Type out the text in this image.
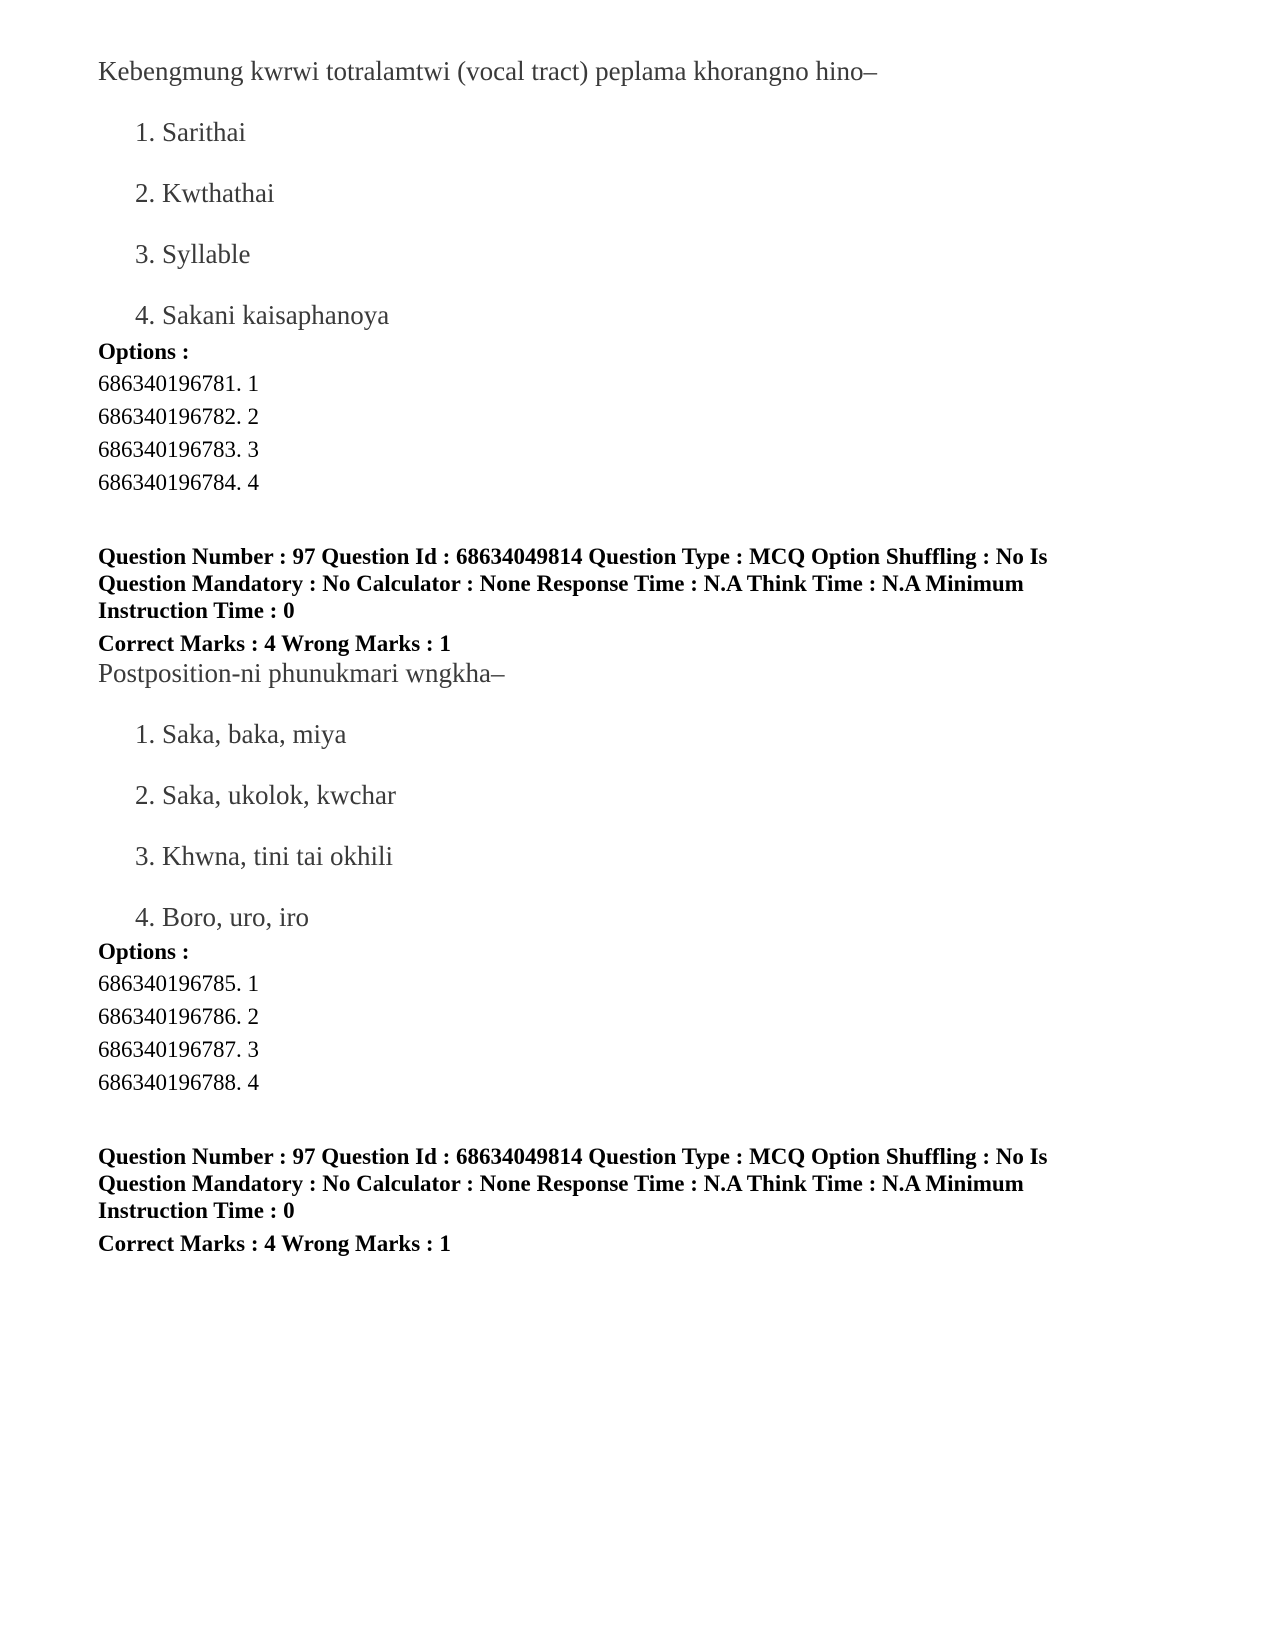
Kebengmung kwrwi totralamtwi (vocal tract) peplama khorangno hino–
1. Sarithai
2. Kwthathai
3. Syllable
4. Sakani kaisaphanoya
Options :
686340196781. 1
686340196782. 2
686340196783. 3
686340196784. 4
Question Number : 97 Question Id : 68634049814 Question Type : MCQ Option Shuffling : No Is
Question Mandatory : No Calculator : None Response Time : N.A Think Time : N.A Minimum
Instruction Time : 0
Correct Marks : 4 Wrong Marks : 1
Postposition-ni phunukmari wngkha–
1. Saka, baka, miya
2. Saka, ukolok, kwchar
3. Khwna, tini tai okhili
4. Boro, uro, iro
Options :
686340196785. 1
686340196786. 2
686340196787. 3
686340196788. 4
Question Number : 97 Question Id : 68634049814 Question Type : MCQ Option Shuffling : No Is
Question Mandatory : No Calculator : None Response Time : N.A Think Time : N.A Minimum
Instruction Time : 0
Correct Marks : 4 Wrong Marks : 1
